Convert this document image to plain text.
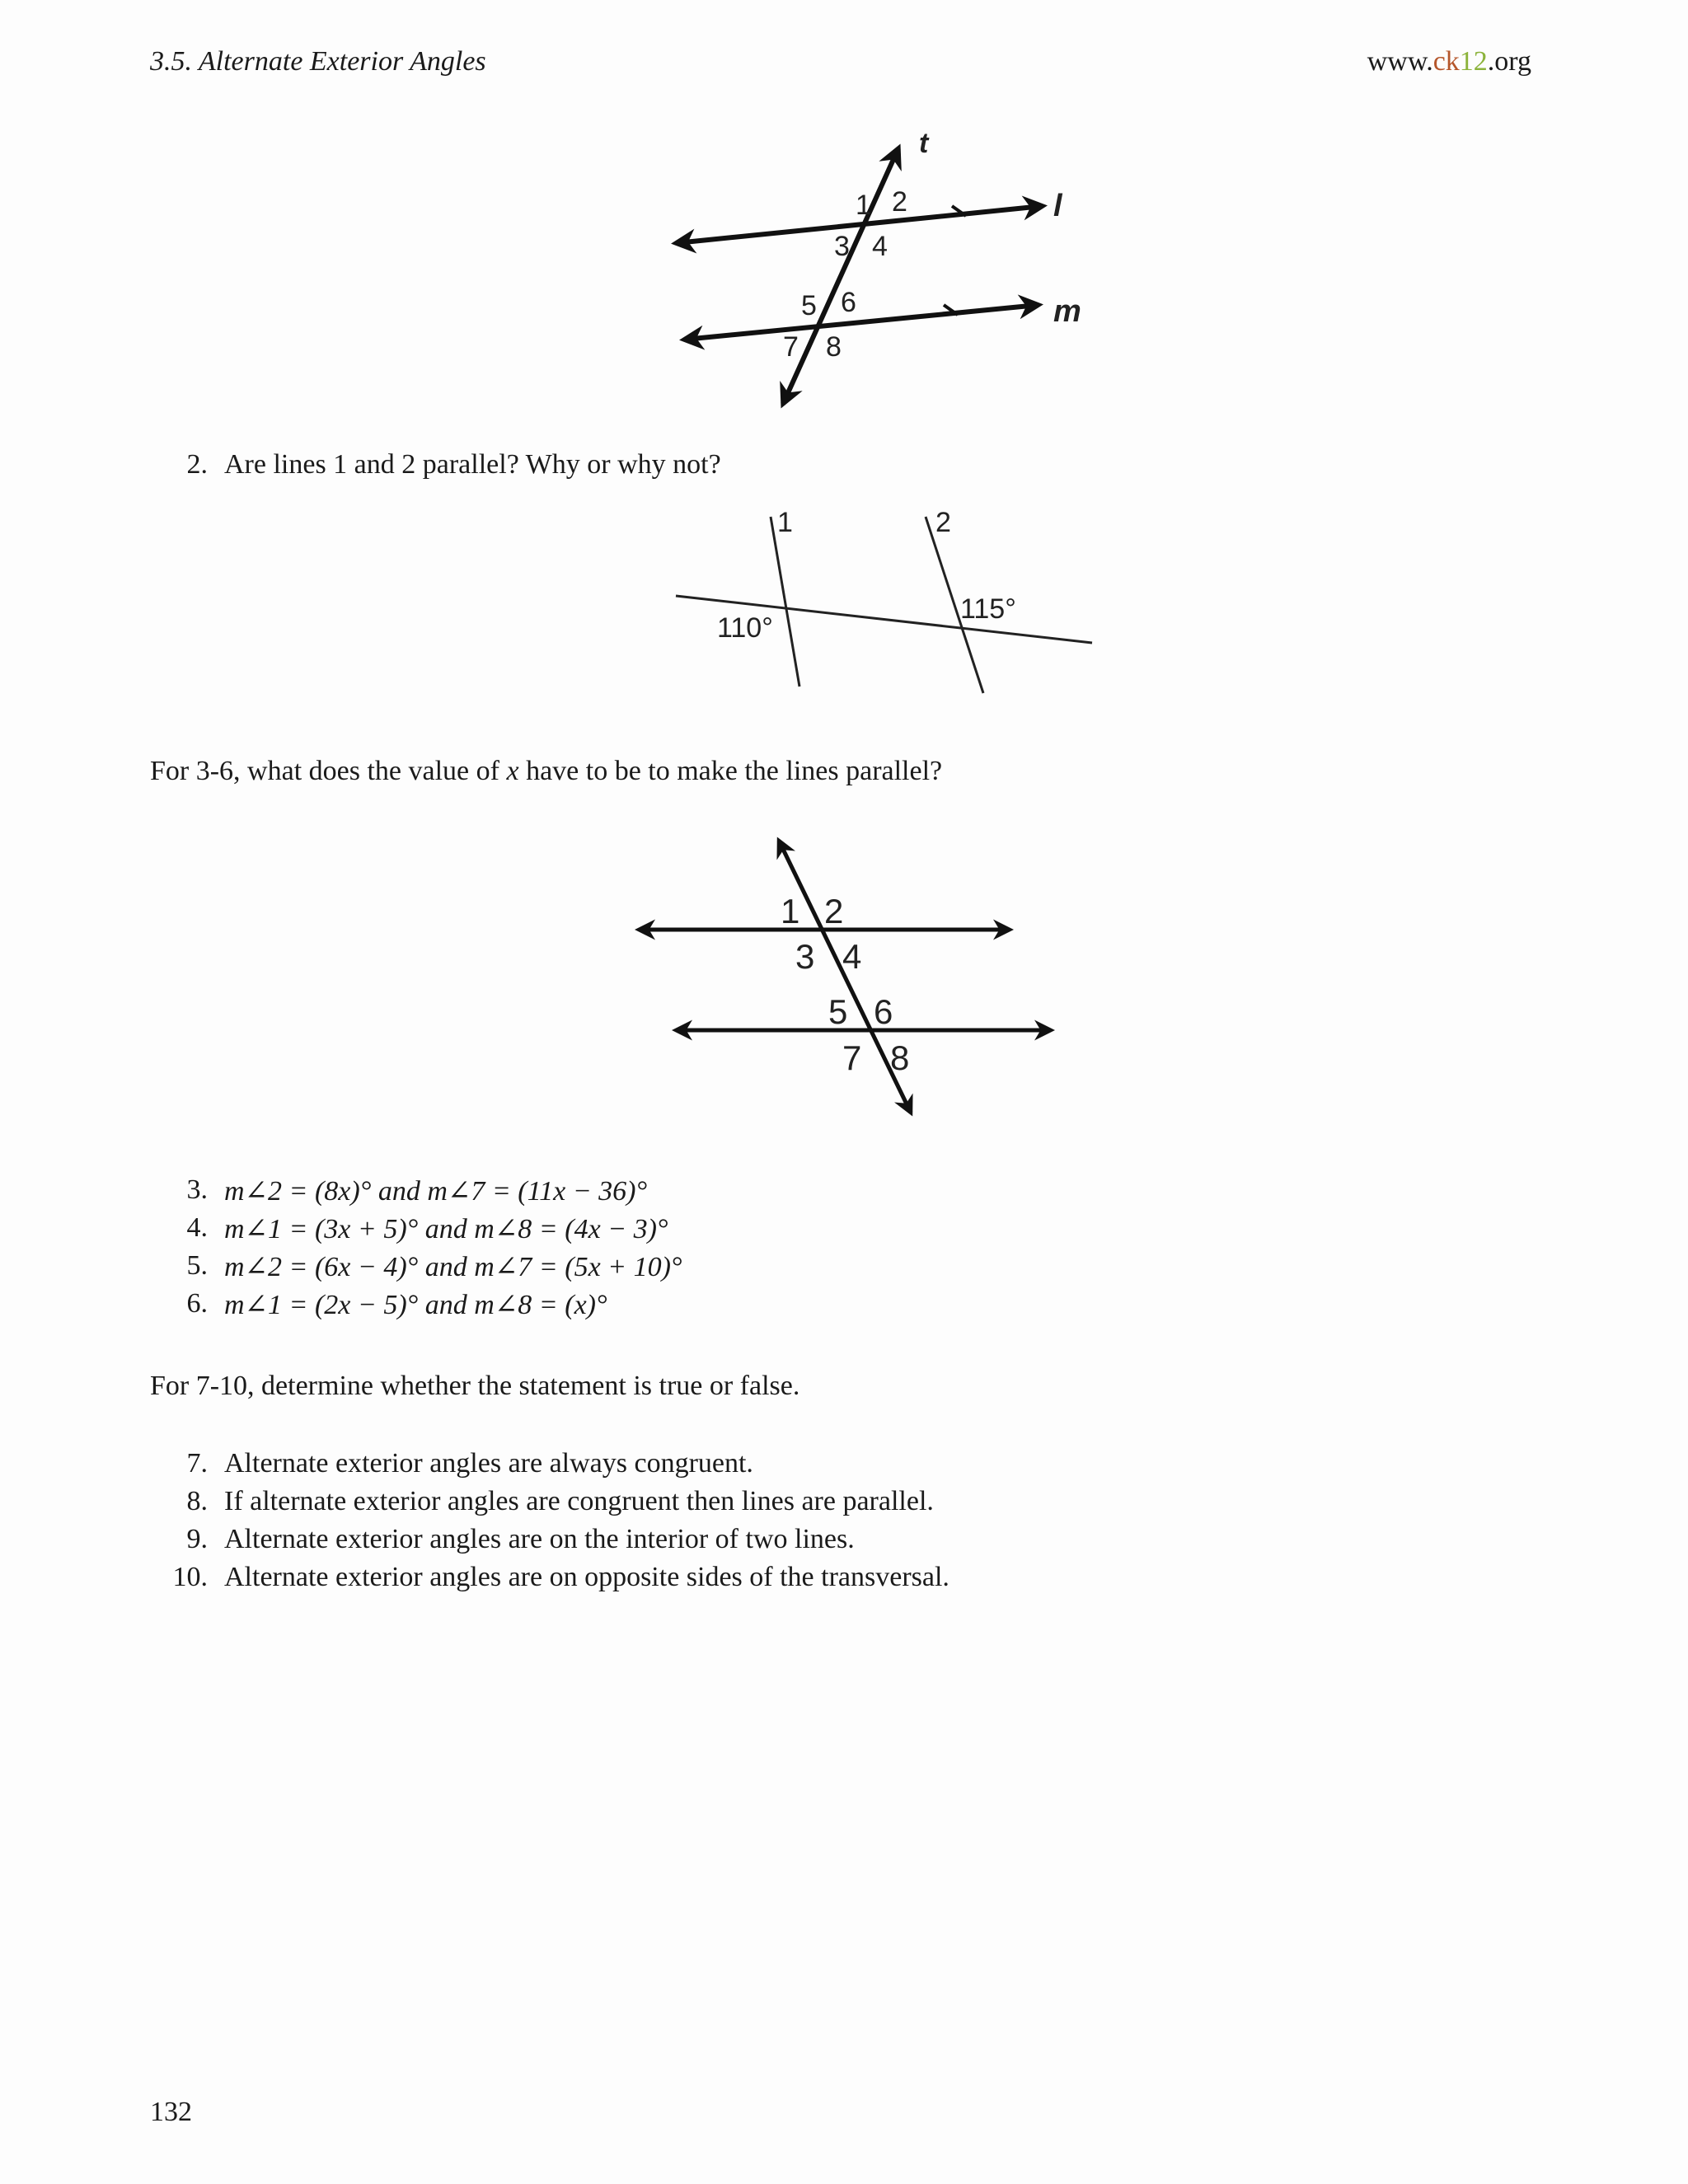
3.5. Alternate Exterior Angles	www.ck12.org
t
l
m
1 2
3 4
5 6
7 8
2. Are lines 1 and 2 parallel? Why or why not?
1	2
110°
115°
For 3-6, what does the value of x have to be to make the lines parallel?
1 2
3 4
5 6
7 8
3. m∠2 = (8x)° and m∠7 = (11x − 36)°
4. m∠1 = (3x + 5)° and m∠8 = (4x − 3)°
5. m∠2 = (6x − 4)° and m∠7 = (5x + 10)°
6. m∠1 = (2x − 5)° and m∠8 = (x)°
For 7-10, determine whether the statement is true or false.
7. Alternate exterior angles are always congruent.
8. If alternate exterior angles are congruent then lines are parallel.
9. Alternate exterior angles are on the interior of two lines.
10. Alternate exterior angles are on opposite sides of the transversal.
132
